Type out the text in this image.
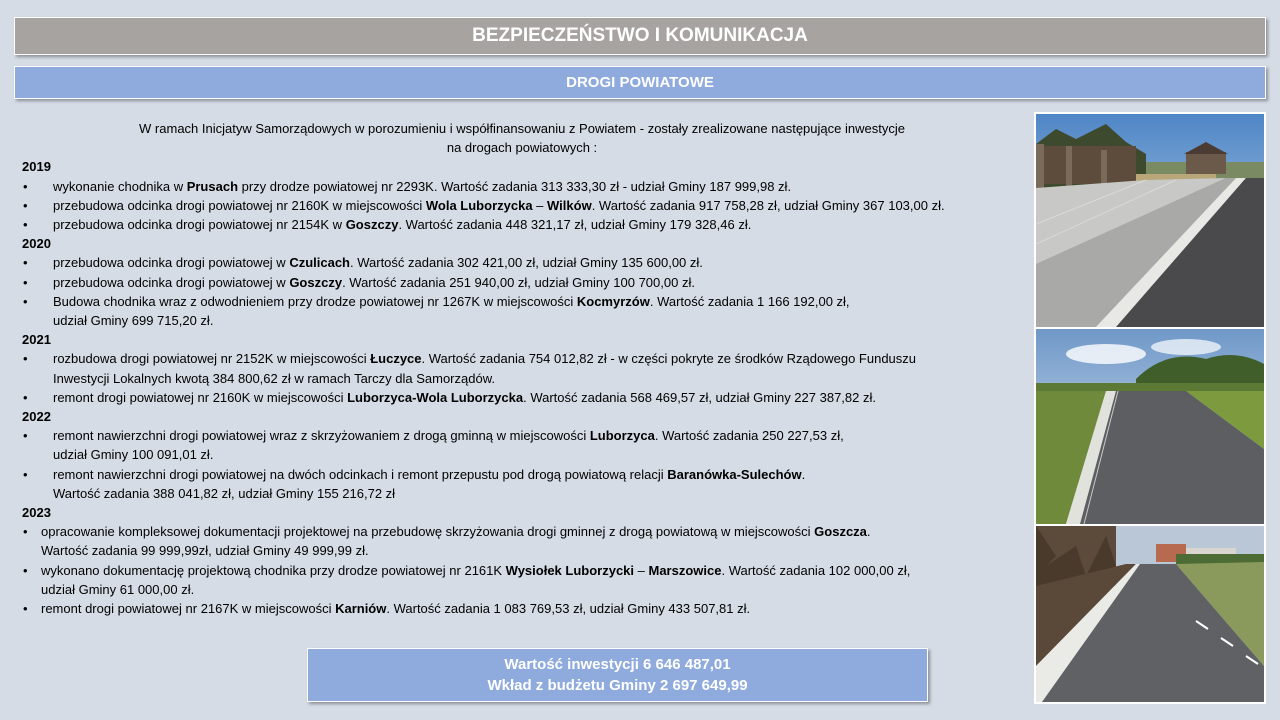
BEZPIECZEŃSTWO I KOMUNIKACJA
DROGI POWIATOWE

W ramach Inicjatyw Samorządowych w porozumieniu i współfinansowaniu z Powiatem - zostały zrealizowane następujące inwestycje
na drogach powiatowych :

2019

• wykonanie chodnika w Prusach przy drodze powiatowej nr 2293K. Wartość zadania 313 333,30 zł - udział Gminy 187 999,98 zł.
• przebudowa odcinka drogi powiatowej nr 2160K w miejscowości Wola Luborzycka – Wilków. Wartość zadania 917 758,28 zł, udział Gminy 367 103,00 zł.
• przebudowa odcinka drogi powiatowej nr 2154K w Goszczy. Wartość zadania 448 321,17 zł, udział Gminy 179 328,46 zł.

2020

• przebudowa odcinka drogi powiatowej w Czulicach. Wartość zadania 302 421,00 zł, udział Gminy 135 600,00 zł.
• przebudowa odcinka drogi powiatowej w Goszczy. Wartość zadania 251 940,00 zł, udział Gminy 100 700,00 zł.
• Budowa chodnika wraz z odwodnieniem przy drodze powiatowej nr 1267K w miejscowości Kocmyrzów. Wartość zadania 1 166 192,00 zł,
udział Gminy 699 715,20 zł.

2021

• rozbudowa drogi powiatowej nr 2152K w miejscowości Łuczyce. Wartość zadania 754 012,82 zł - w części pokryte ze środków Rządowego Funduszu
Inwestycji Lokalnych kwotą 384 800,62 zł w ramach Tarczy dla Samorządów.
• remont drogi powiatowej nr 2160K w miejscowości Luborzyca-Wola Luborzycka. Wartość zadania 568 469,57 zł, udział Gminy 227 387,82 zł.

2022

• remont nawierzchni drogi powiatowej wraz z skrzyżowaniem z drogą gminną w miejscowości Luborzyca. Wartość zadania 250 227,53 zł,
udział Gminy 100 091,01 zł.
• remont nawierzchni drogi powiatowej na dwóch odcinkach i remont przepustu pod drogą powiatową relacji Baranówka-Sulechów.
Wartość zadania 388 041,82 zł, udział Gminy 155 216,72 zł

2023

• opracowanie kompleksowej dokumentacji projektowej na przebudowę skrzyżowania drogi gminnej z drogą powiatową w miejscowości Goszcza.
Wartość zadania 99 999,99zł, udział Gminy 49 999,99 zł.
• wykonano dokumentację projektową chodnika przy drodze powiatowej nr 2161K Wysiołek Luborzycki – Marszowice. Wartość zadania 102 000,00 zł,
udział Gminy 61 000,00 zł.
• remont drogi powiatowej nr 2167K w miejscowości Karniów. Wartość zadania 1 083 769,53 zł, udział Gminy 433 507,81 zł.
Wartość inwestycji 6 646 487,01
Wkład z budżetu Gminy 2 697 649,99
